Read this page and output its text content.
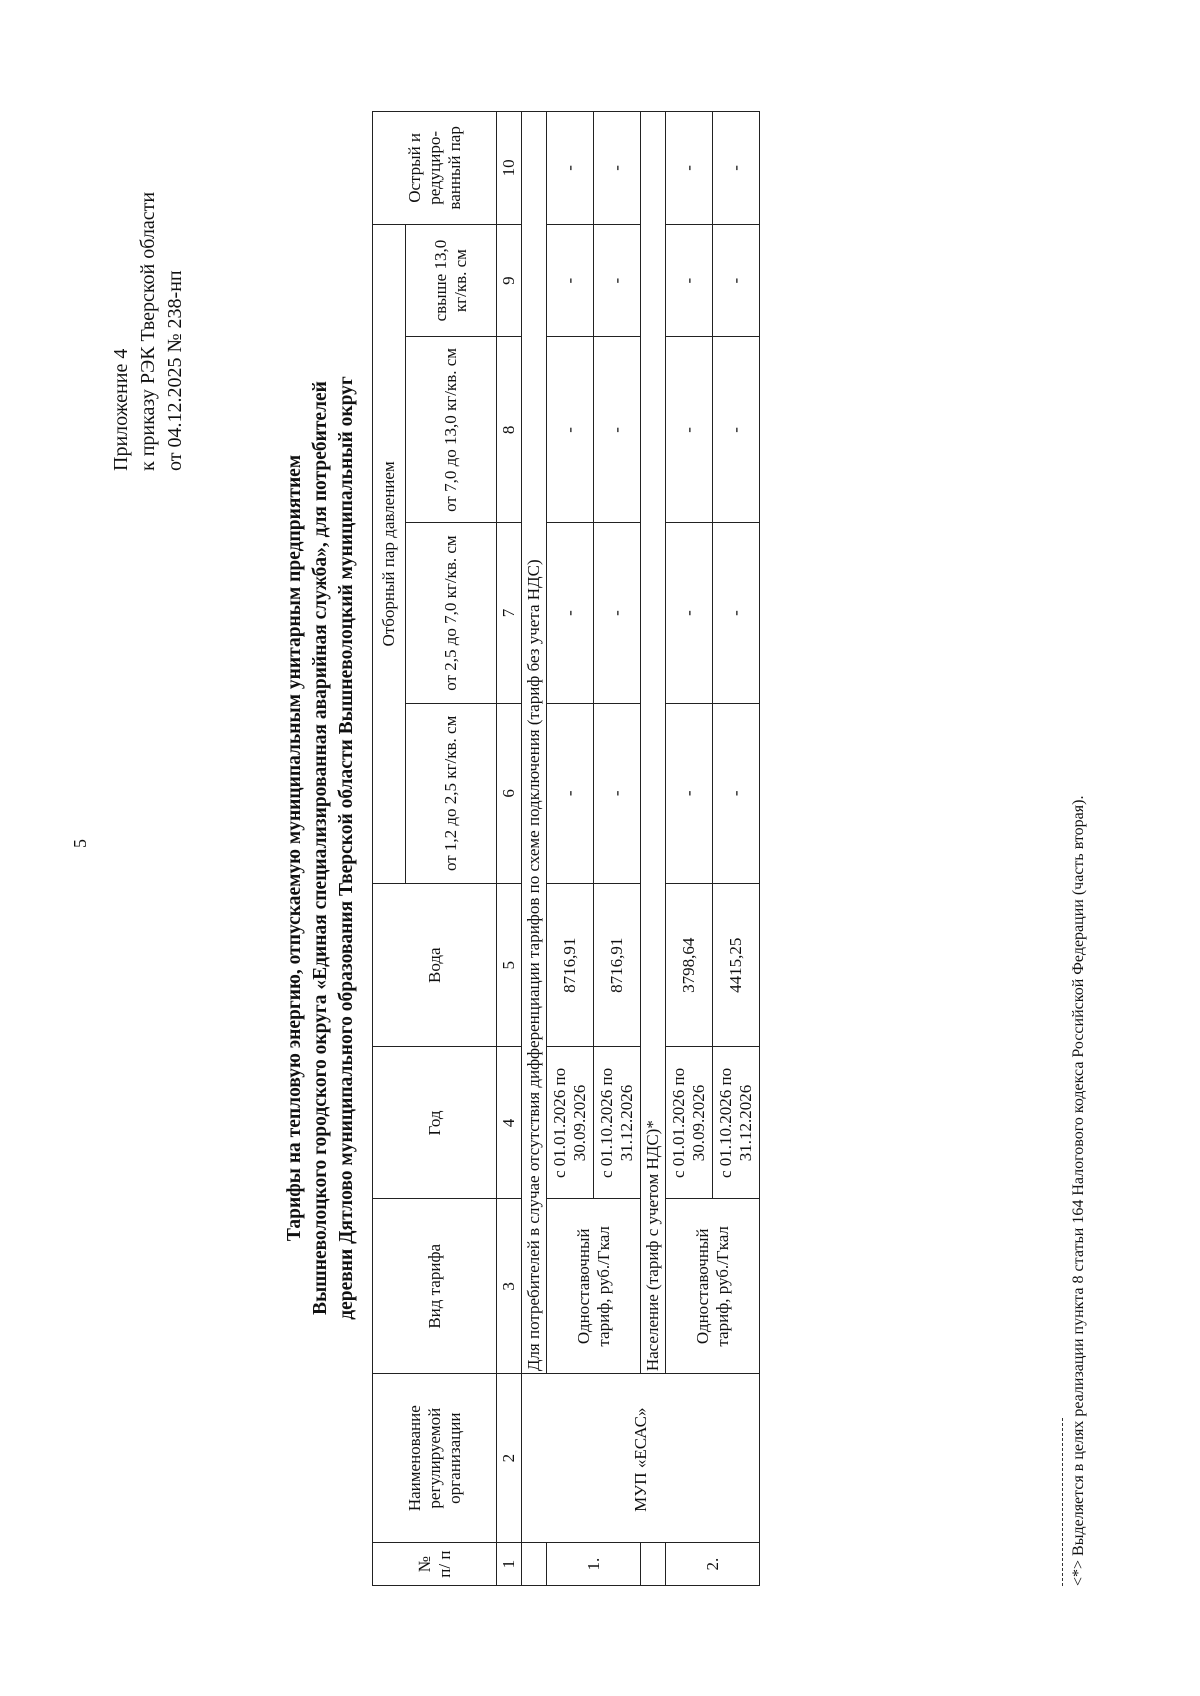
5
Приложение 4 к приказу РЭК Тверской области от 04.12.2025 № 238-нп
Тарифы на тепловую энергию, отпускаемую муниципальным унитарным предприятием Вышневолоцкого городского округа «Единая специализированная аварийная служба», для потребителей деревни Дятлово муниципального образования Тверской области Вышневолоцкий муниципальный округ
№ п/ п	Наименование регулируемой организации	Вид тарифа	Год	Вода	Отборный пар давлением				Острый и редуциро- ванный пар
					от 1,2 до 2,5 кг/кв. см	от 2,5 до 7,0 кг/кв. см	от 7,0 до 13,0 кг/кв. см	свыше 13,0 кг/кв. см	
1	2	3	4	5	6	7	8	9	10
	МУП «ЕСАС»	Для потребителей в случае отсутствия дифференциации тарифов по схеме подключения (тариф без учета НДС)							
1.		Одноставочный тариф, руб./Гкал	с 01.01.2026 по 30.09.2026	8716,91	-	-	-	-	-
			с 01.10.2026 по 31.12.2026	8716,91	-	-	-	-	-
		Население (тариф с учетом НДС)*							
2.		Одноставочный тариф, руб./Гкал	с 01.01.2026 по 30.09.2026	3798,64	-	-	-	-	-
			с 01.10.2026 по 31.12.2026	4415,25	-	-	-	-	-
<*> Выделяется в целях реализации пункта 8 статьи 164 Налогового кодекса Российской Федерации (часть вторая).
